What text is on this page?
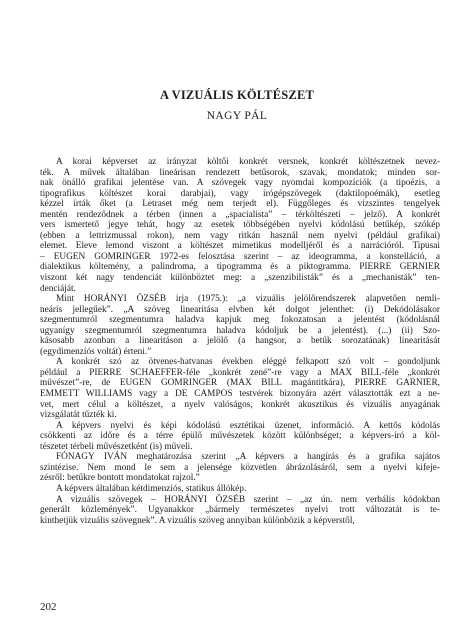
A VIZUÁLIS KÖLTÉSZET
NAGY PÁL

A korai képverset az irányzat költői konkrét versnek, konkrét költészetnek nevez-
ték. A művek általában lineárisan rendezett betűsorok, szavak, mondatok; minden sor-
nak önálló grafikai jelentése van. A szövegek vagy nyomdai kompozíciók (a tipoézis, a
tipografikus költészet korai darabjai), vagy írógépszövegek (daktilopoémák), esetleg
kézzel írták őket (a Letraset még nem terjedt el). Függőleges és vízszintes tengelyek
mentén rendeződnek a térben (innen a „spacialista” – térköltészeti – jelző). A konkrét
vers ismertető jegye tehát, hogy az esetek többségében nyelvi kódolású betűkép, szókép
(ebben a lettrizmussal rokon), nem vagy ritkán használ nem nyelvi (például grafikai)
elemet. Eleve lemond viszont a költészet mimetikus modelljéről és a narrációról. Tipusai
– EUGEN GOMRINGER 1972-es felosztása szerint – az ideogramma, a konstelláció, a
dialektikus költemény, a palindroma, a tipogramma és a piktogramma. PIERRE GERNIER
viszont két nagy tendenciát különböztet meg: a „szenzibilisták” és a „mechanisták” ten-
denciáját.

Mint HORÁNYI ÖZSÉB írja (1975.): „a vizuális jelölőrendszerek alapvetően nemli-
neáris jellegűek”. „A szöveg linearitása elvben két dolgot jelenthet: (i) Dekódolásakor
szegmentumról szegmentumra haladva kapjuk meg fokozatosan a jelentést (kódolásnál
ugyanígy szegmentumról szegmentumra haladva kódoljuk be a jelentést). (...) (ii) Szo-
kásosabb azonban a linearitáson a jelölő (a hangsor, a betűk sorozatának) linearitását
(egydimenziós voltát) érteni.”

A konkrét szó az ötvenes-hatvanas években eléggé felkapott szó volt – gondoljunk
például a PIERRE SCHAEFFER-féle „konkrét zené”-re vagy a MAX BILL-féle „konkrét
művészet”-re, de EUGEN GOMRINGER (MAX BILL magántitkára), PIERRE GARNIER,
EMMETT WILLIAMS vagy a DE CAMPOS testvérek bizonyára azért választották ezt a ne-
vet, mert célul a költészet, a nyelv valóságos, konkrét akusztikus és vizuális anyagának
vizsgálatát tűzték ki.

A képvers nyelvi és képi kódolású esztétikai üzenet, információ. A kettős kódolás
csökkenti az időre és a térre épülő művészetek között különbséget; a képvers-író a köl-
tészetet térbeli művészetként (is) műveli.

FÓNAGY IVÁN meghatározása szerint „A képvers a hangírás és a grafika sajátos
szintézise. Nem mond le sem a jelensége közvetlen ábrázolásáról, sem a nyelvi kifeje-
zésről: betűkre bontott mondatokat rajzol.”

A képvers általában kétdimenziós, statikus állókép.

A vizuális szövegek – HORÁNYI ÖZSÉB szerint – „az ún. nem verbális kódokban
generált közlemények”. Ugyanakkor „bármely természetes nyelvi trott változatát is te-
kinthetjük vizuális szövegnek”. A vizuális szöveg annyiban különbözik a képverstől,

202
